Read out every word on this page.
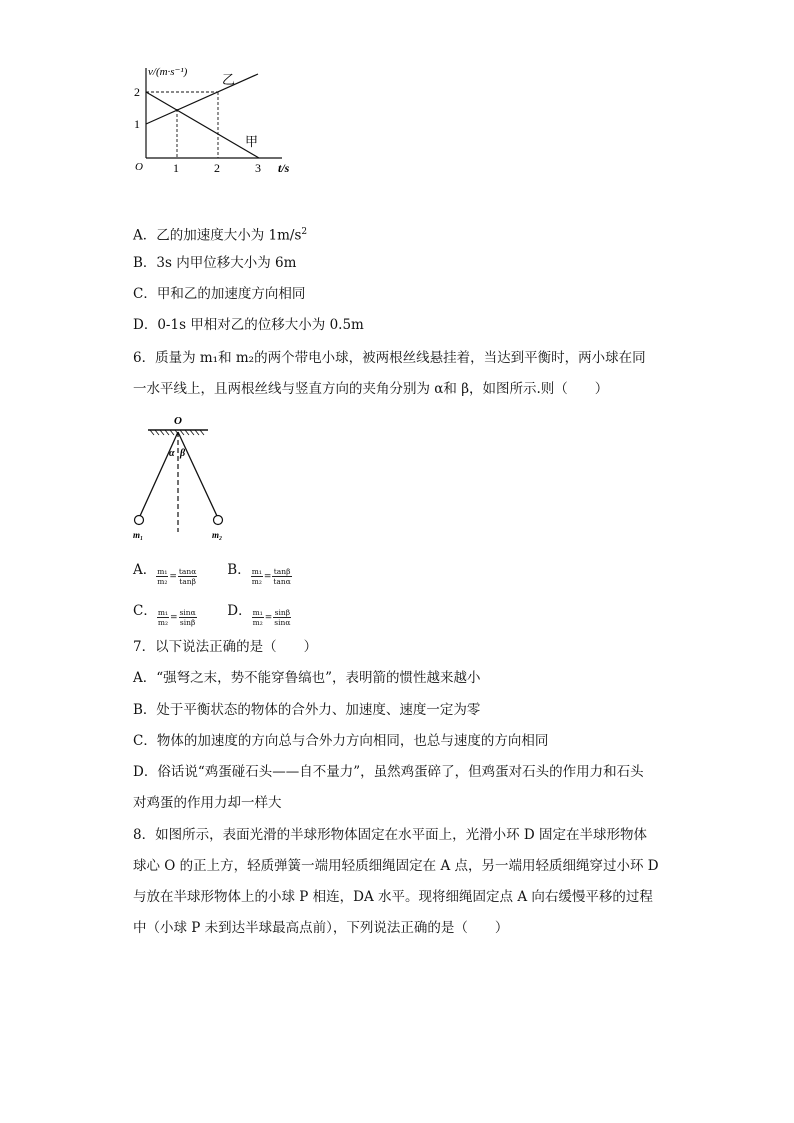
v/(m·s⁻¹)	乙
甲
2
1
O	1	2	3 t/s
A．乙的加速度大小为 $1m/s^2$
B．3s 内甲位移大小为 6m
C．甲和乙的加速度方向相同
D．0-1s 甲相对乙的位移大小为 0.5m
6．质量为 m₁和 m₂的两个带电小球，被两根丝线悬挂着，当达到平衡时，两小球在同
一水平线上，且两根丝线与竖直方向的夹角分别为 α和 β，如图所示.则（　　）
O
α β
m₁	m₂
A． $\frac{\text{m₁}}{\text{m₂}} = \frac{\tan\alpha}{\tan\beta}$ B． $\frac{\text{m₁}}{\text{m₂}} = \frac{\tan\beta}{\tan\alpha}$
C． $\frac{\text{m₁}}{\text{m₂}} = \frac{\sin\alpha}{\sin\beta}$ D． $\frac{\text{m₁}}{\text{m₂}} = \frac{\sin\beta}{\sin\alpha}$
7．以下说法正确的是（　　）
A．“强弩之末，势不能穿鲁缟也”，表明箭的惯性越来越小
B．处于平衡状态的物体的合外力、加速度、速度一定为零
C．物体的加速度的方向总与合外力方向相同，也总与速度的方向相同
D．俗话说“鸡蛋碰石头——自不量力”，虽然鸡蛋碎了，但鸡蛋对石头的作用力和石头
对鸡蛋的作用力却一样大
8．如图所示，表面光滑的半球形物体固定在水平面上，光滑小环 D 固定在半球形物体
球心 O 的正上方，轻质弹簧一端用轻质细绳固定在 A 点，另一端用轻质细绳穿过小环 D
与放在半球形物体上的小球 P 相连，DA 水平。现将细绳固定点 A 向右缓慢平移的过程
中（小球 P 未到达半球最高点前），下列说法正确的是（　　）
